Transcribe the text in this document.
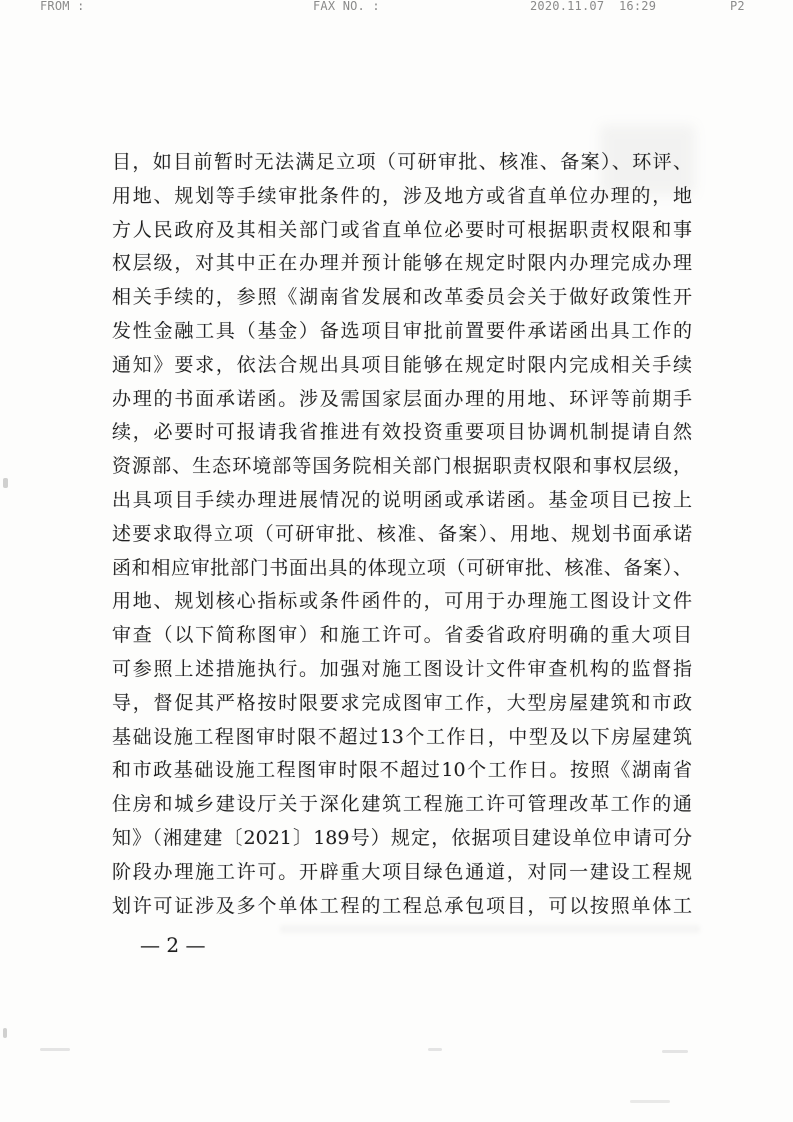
FROM :	FAX NO. :	2020.11.07 16:29	P2
目，如目前暂时无法满足立项（可研审批、核准、备案）、环评、
用地、规划等手续审批条件的，涉及地方或省直单位办理的，地
方人民政府及其相关部门或省直单位必要时可根据职责权限和事
权层级，对其中正在办理并预计能够在规定时限内办理完成办理
相关手续的，参照《湖南省发展和改革委员会关于做好政策性开
发性金融工具（基金）备选项目审批前置要件承诺函出具工作的
通知》要求，依法合规出具项目能够在规定时限内完成相关手续
办理的书面承诺函。涉及需国家层面办理的用地、环评等前期手
续，必要时可报请我省推进有效投资重要项目协调机制提请自然
资源部、生态环境部等国务院相关部门根据职责权限和事权层级，
出具项目手续办理进展情况的说明函或承诺函。基金项目已按上
述要求取得立项（可研审批、核准、备案）、用地、规划书面承诺
函和相应审批部门书面出具的体现立项（可研审批、核准、备案）、
用地、规划核心指标或条件函件的，可用于办理施工图设计文件
审查（以下简称图审）和施工许可。省委省政府明确的重大项目
可参照上述措施执行。加强对施工图设计文件审查机构的监督指
导，督促其严格按时限要求完成图审工作，大型房屋建筑和市政
基础设施工程图审时限不超过13个工作日，中型及以下房屋建筑
和市政基础设施工程图审时限不超过10个工作日。按照《湖南省
住房和城乡建设厅关于深化建筑工程施工许可管理改革工作的通
知》（湘建建〔2021〕189号）规定，依据项目建设单位申请可分
阶段办理施工许可。开辟重大项目绿色通道，对同一建设工程规
划许可证涉及多个单体工程的工程总承包项目，可以按照单体工
— 2 —
